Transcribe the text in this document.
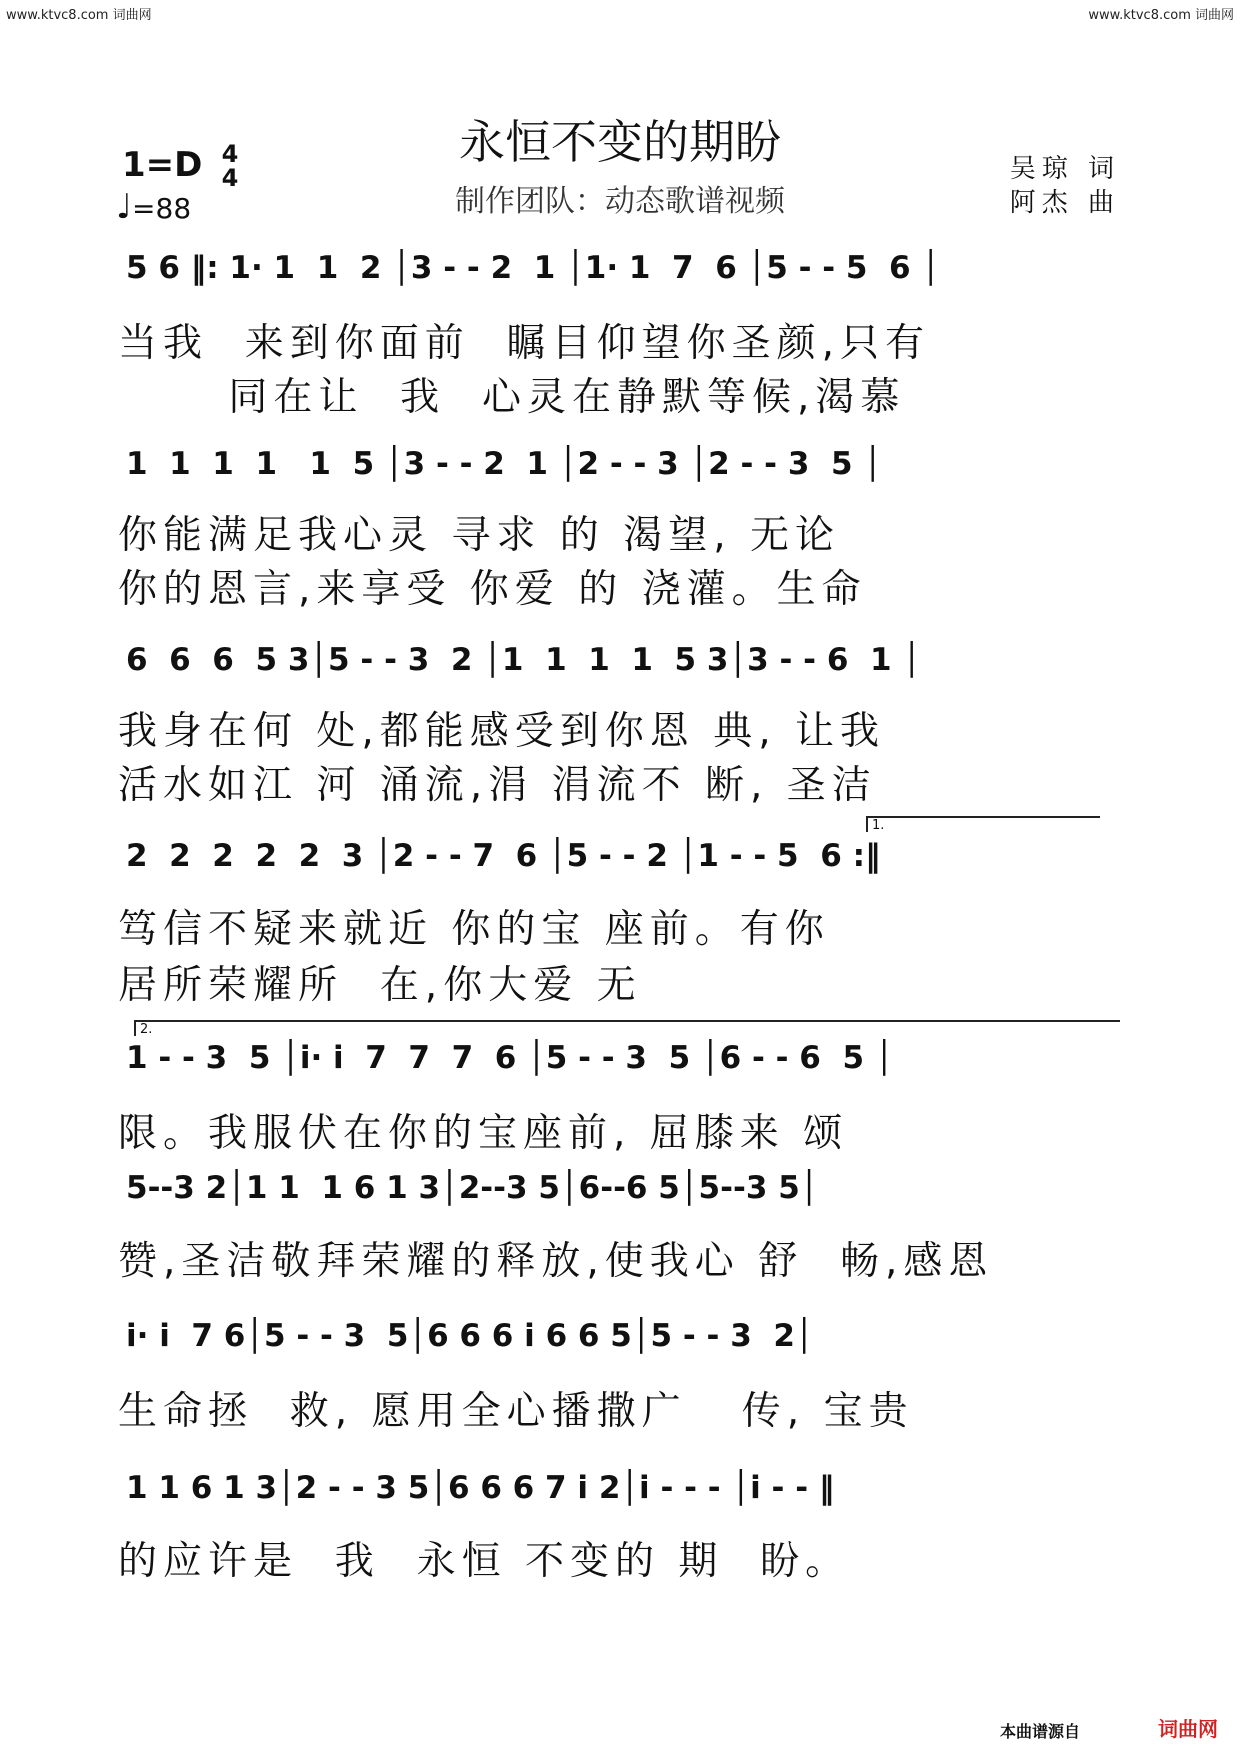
www.ktvc8.com 词曲网	www.ktvc8.com 词曲网
永恒不变的期盼
制作团队：动态歌谱视频
1=D 4
4
♩=88
吴琼 词
阿杰 曲
5 6 ‖: 1· 1  1  2 │3 - - 2  1 │1· 1  7  6 │5 - - 5  6 │
当我  来到你面前  瞩目仰望你圣颜,只有
同在让  我  心灵在静默等候,渴慕
1  1  1  1   1  5 │3 - - 2  1 │2 - - 3 │2 - - 3  5 │
你能满足我心灵 寻求 的 渴望, 无论
你的恩言,来享受 你爱 的 浇灌。生命
6  6  6  5 3│5 - - 3  2 │1  1  1  1  5 3│3 - - 6  1 │
我身在何 处,都能感受到你恩 典, 让我
活水如江 河 涌流,涓 涓流不 断, 圣洁
1.
2  2  2  2  2  3 │2 - - 7  6 │5 - - 2 │1 - - 5  6 :‖
笃信不疑来就近 你的宝 座前。有你
居所荣耀所  在,你大爱 无
2.
1 - - 3  5 │i· i  7  7  7  6 │5 - - 3  5 │6 - - 6  5 │
限。我服伏在你的宝座前, 屈膝来 颂
5--3 2│1 1  1 6 1 3│2--3 5│6--6 5│5--3 5│
赞,圣洁敬拜荣耀的释放,使我心 舒  畅,感恩
i· i  7 6│5 - - 3  5│6 6 6 i 6 6 5│5 - - 3  2│
生命拯  救, 愿用全心播撒广   传, 宝贵
1 1 6 1 3│2 - - 3 5│6 6 6 7 i 2│i - - - │i - - ‖
的应许是  我  永恒 不变的 期  盼。
本曲谱源自	词曲网
